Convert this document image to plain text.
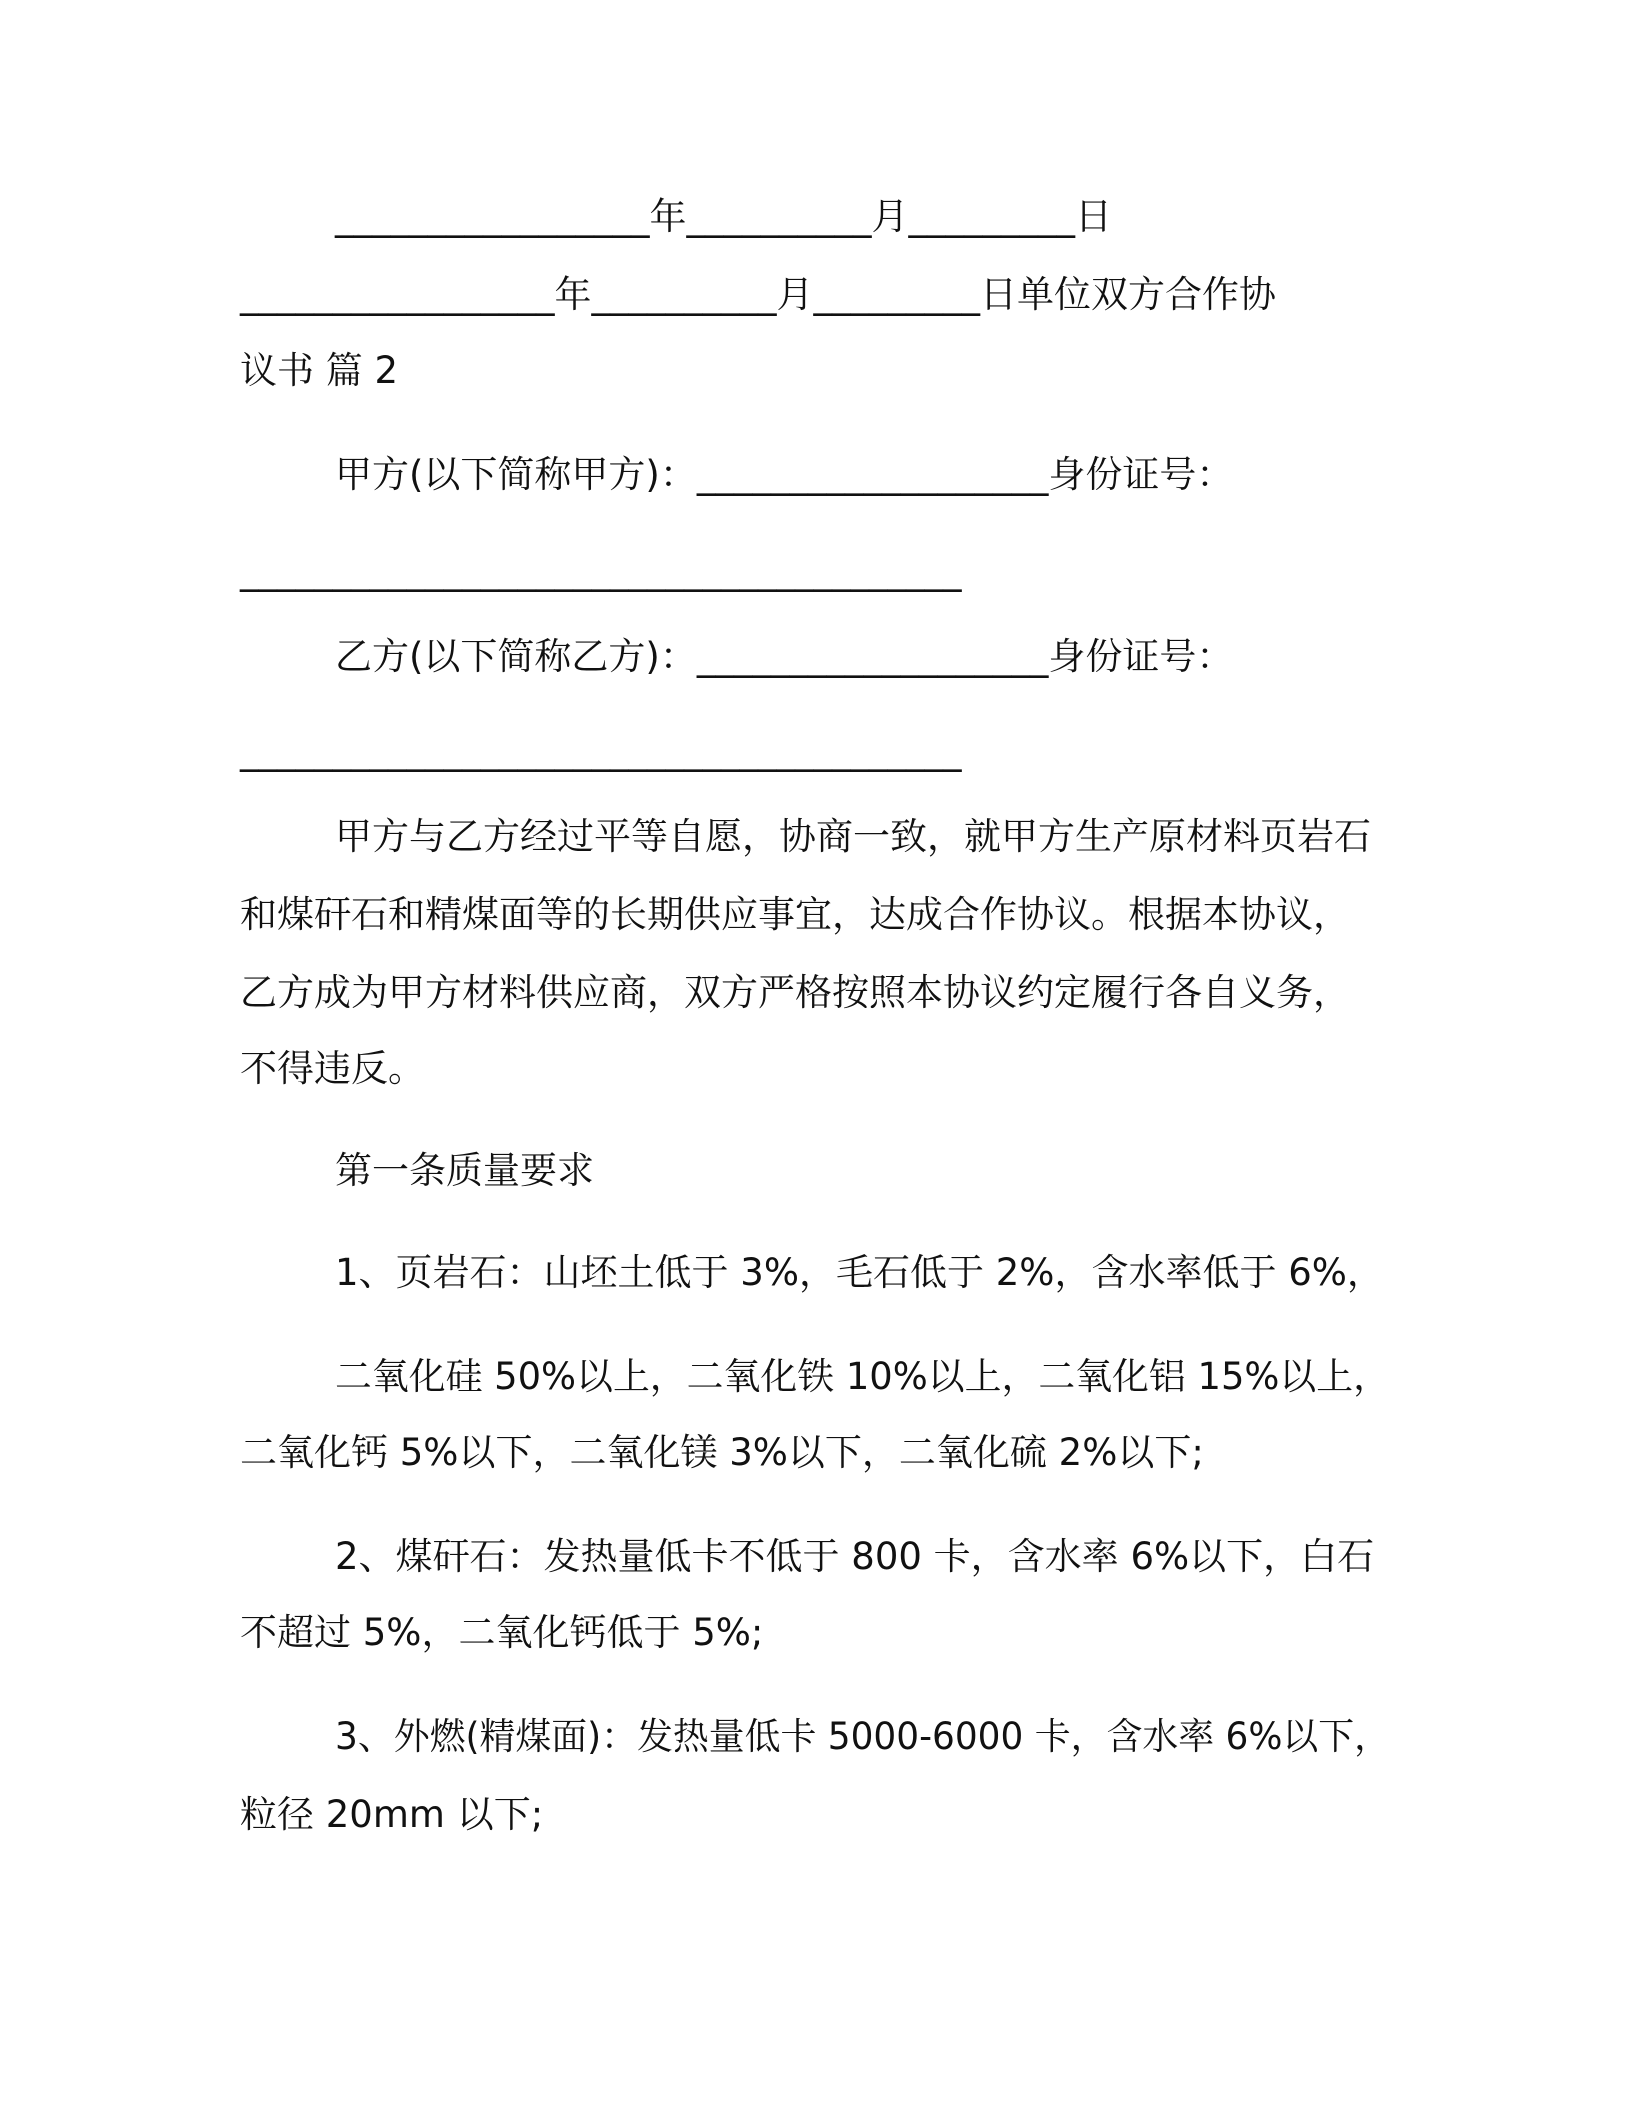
_________________年__________月_________日
_________________年__________月_________日单位双方合作协
议书 篇 2
甲方(以下简称甲方)：___________________身份证号：
_______________________________________
乙方(以下简称乙方)：___________________身份证号：
_______________________________________
甲方与乙方经过平等自愿，协商一致，就甲方生产原材料页岩石
和煤矸石和精煤面等的长期供应事宜，达成合作协议。根据本协议，
乙方成为甲方材料供应商，双方严格按照本协议约定履行各自义务，
不得违反。
第一条质量要求
1、页岩石：山坯土低于 3%，毛石低于 2%，含水率低于 6%，
二氧化硅 50%以上，二氧化铁 10%以上，二氧化铝 15%以上，
二氧化钙 5%以下，二氧化镁 3%以下，二氧化硫 2%以下;
2、煤矸石：发热量低卡不低于 800 卡，含水率 6%以下，白石
不超过 5%，二氧化钙低于 5%;
3、外燃(精煤面)：发热量低卡 5000-6000 卡，含水率 6%以下，
粒径 20mm 以下;
